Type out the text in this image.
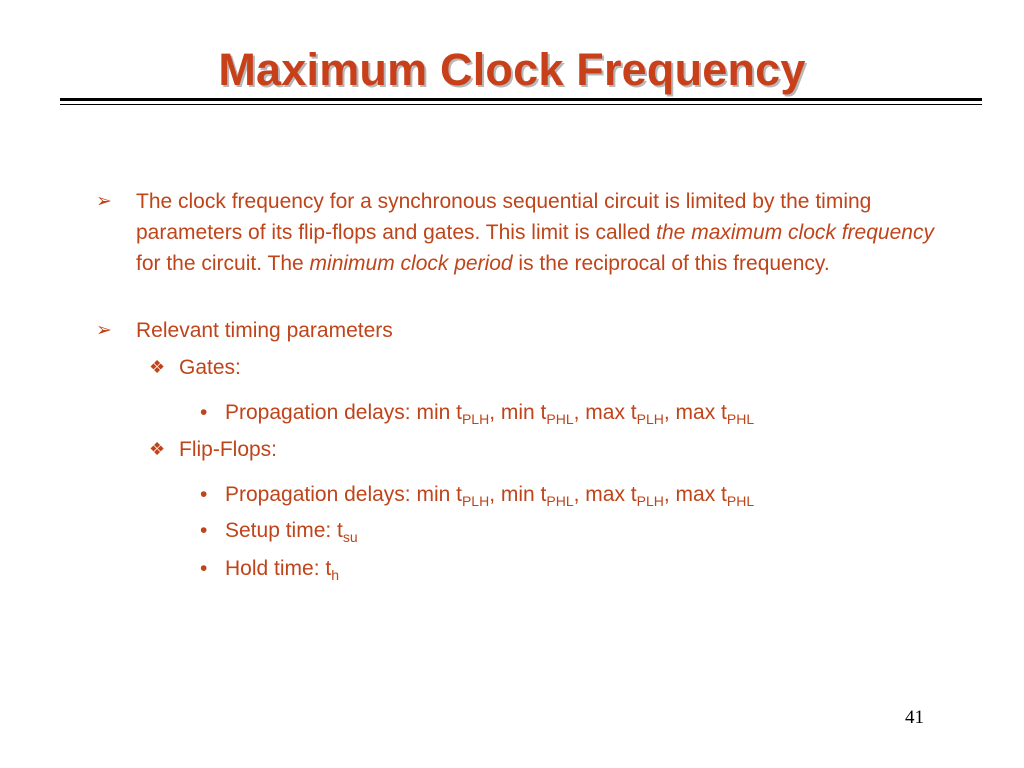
Maximum Clock Frequency
➢ The clock frequency for a synchronous sequential circuit is limited by the timing parameters of its flip-flops and gates. This limit is called the maximum clock frequency for the circuit. The minimum clock period is the reciprocal of this frequency.
➢ Relevant timing parameters
❖ Gates:
• Propagation delays: $\min t_{PLH}$, $\min t_{PHL}$, $\max t_{PLH}$, $\max t_{PHL}$
❖ Flip-Flops:
• Propagation delays: $\min t_{PLH}$, $\min t_{PHL}$, $\max t_{PLH}$, $\max t_{PHL}$
• Setup time: $t_{su}$
• Hold time: $t_h$
41
